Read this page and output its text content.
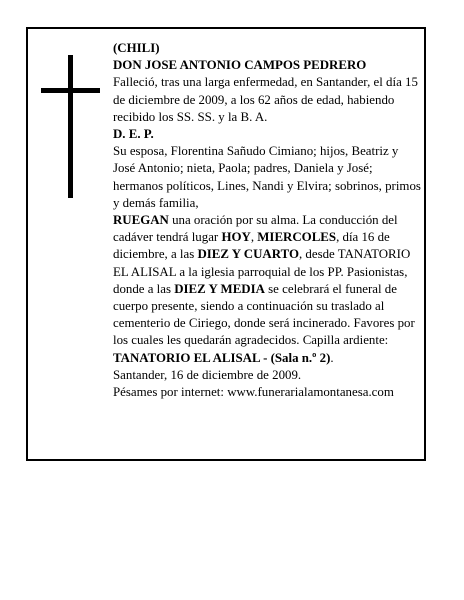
(CHILI)

DON JOSE ANTONIO CAMPOS PEDRERO

Falleció, tras una larga enfermedad, en Santander, el día 15 de diciembre de 2009, a los 62 años de edad, habiendo recibido los SS. SS. y la B. A.

D. E. P.

Su esposa, Florentina Sañudo Cimiano; hijos, Beatriz y José Antonio; nieta, Paola; padres, Daniela y José; hermanos políticos, Lines, Nandi y Elvira; sobrinos, primos y demás familia,

RUEGAN una oración por su alma. La conducción del cadáver tendrá lugar HOY, MIERCOLES, día 16 de diciembre, a las DIEZ Y CUARTO, desde TANATORIO EL ALISAL a la iglesia parroquial de los PP. Pasionistas, donde a las DIEZ Y MEDIA se celebrará el funeral de cuerpo presente, siendo a continuación su traslado al cementerio de Ciriego, donde será incinerado. Favores por los cuales les quedarán agradecidos. Capilla ardiente: TANATORIO EL ALISAL - (Sala n.º 2).

Santander, 16 de diciembre de 2009.

Pésames por internet: www.funerarialamontanesa.com
